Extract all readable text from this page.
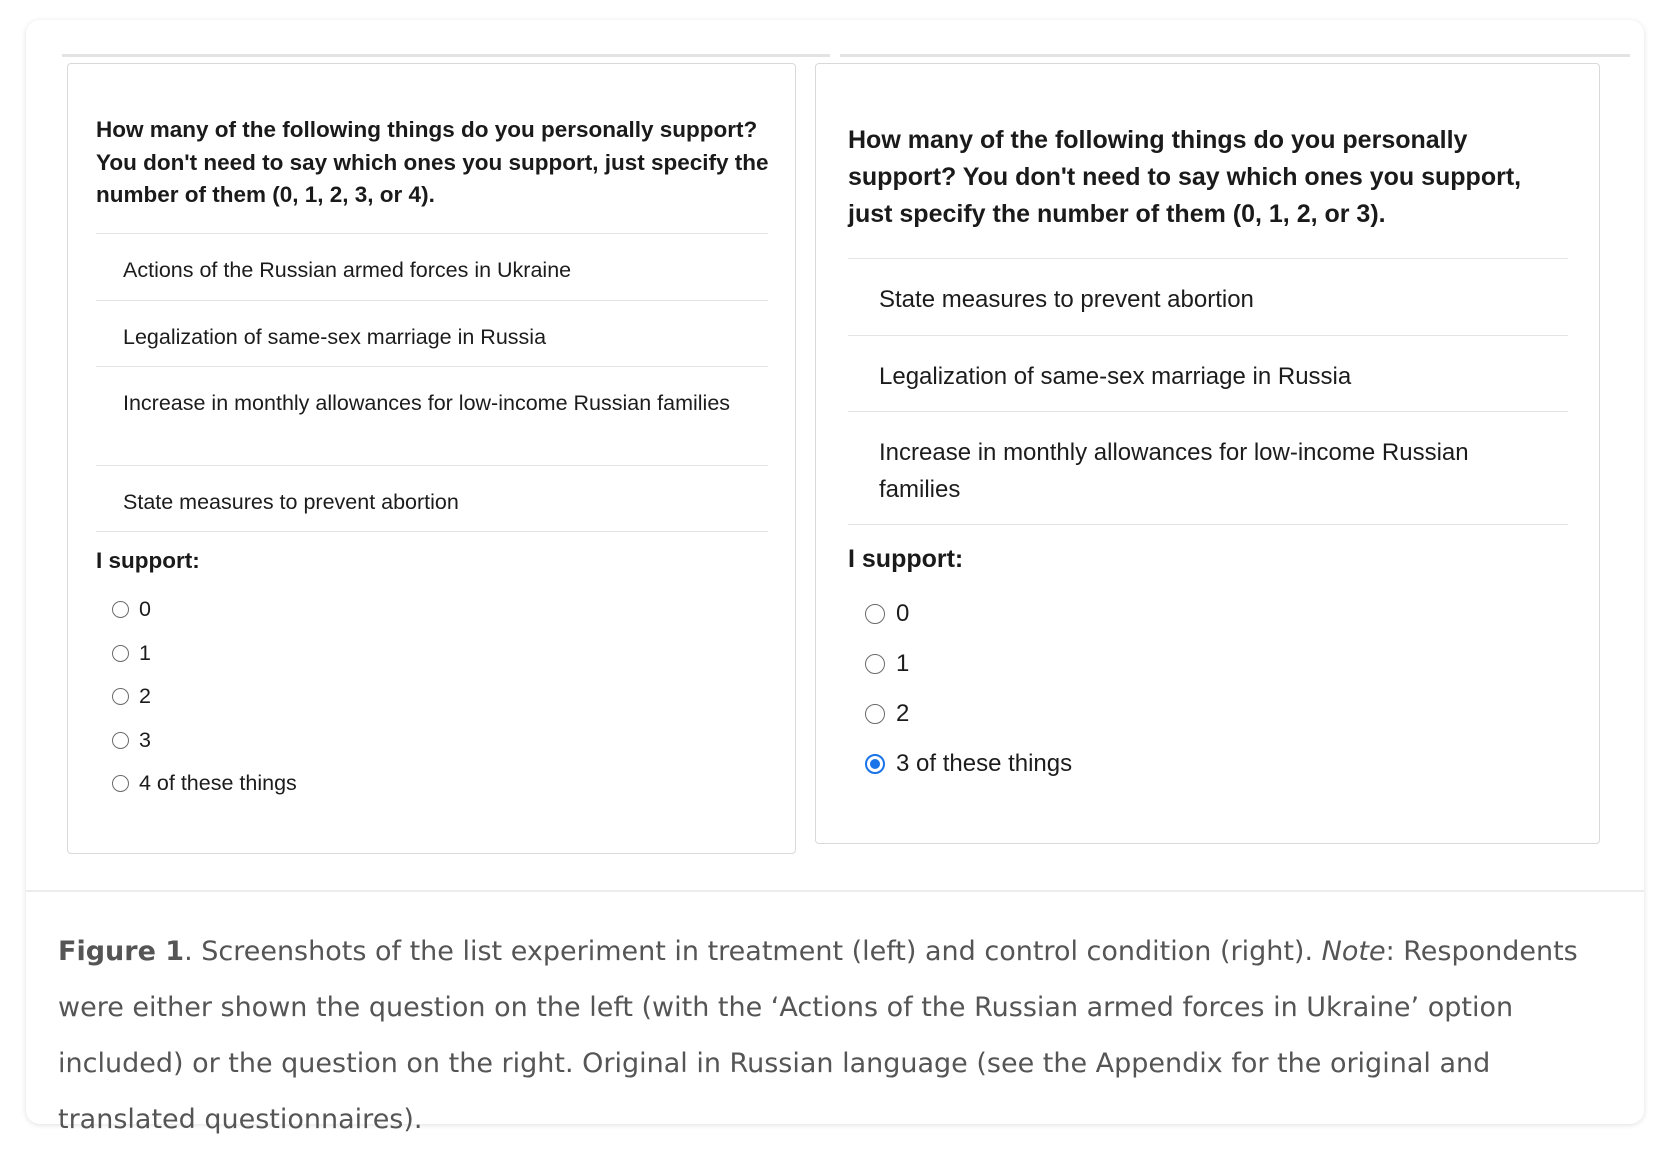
How many of the following things do you personally support? You don't need to say which ones you support, just specify the number of them (0, 1, 2, 3, or 4).

Actions of the Russian armed forces in Ukraine
Legalization of same-sex marriage in Russia
Increase in monthly allowances for low-income Russian families
State measures to prevent abortion
I support:
0
1
2
3
4 of these things

How many of the following things do you personally support? You don't need to say which ones you support, just specify the number of them (0, 1, 2, or 3).

State measures to prevent abortion
Legalization of same-sex marriage in Russia
Increase in monthly allowances for low-income Russian families
I support:
0
1
2
3 of these things

Figure 1. Screenshots of the list experiment in treatment (left) and control condition (right). Note: Respondents were either shown the question on the left (with the ‘Actions of the Russian armed forces in Ukraine’ option included) or the question on the right. Original in Russian language (see the Appendix for the original and translated questionnaires).
